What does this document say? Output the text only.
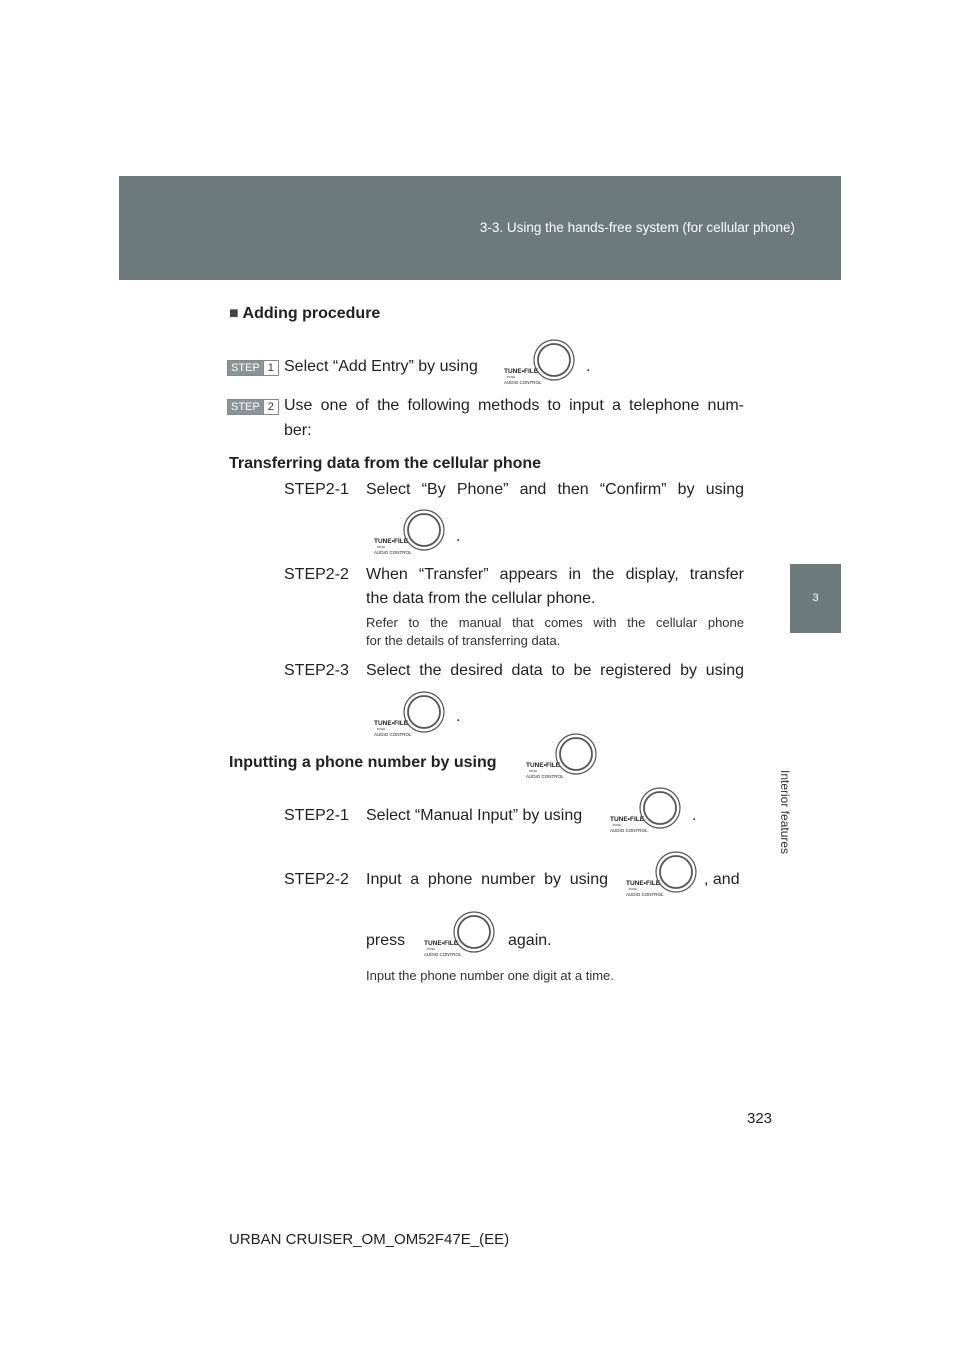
3-3. Using the hands-free system (for cellular phone)
3
Interior features
■ Adding procedure
STEP 1 Select “Add Entry” by using	TUNE•FILE
PUSH
AUDIO CONTROL
.
STEP 2 Use one of the following methods to input a telephone num-
ber:
Transferring data from the cellular phone
STEP2-1 Select “By Phone” and then “Confirm” by using
TUNE•FILE
PUSH
AUDIO CONTROL
.
STEP2-2 When “Transfer” appears in the display, transfer
the data from the cellular phone.
Refer to the manual that comes with the cellular phone
for the details of transferring data.
STEP2-3 Select the desired data to be registered by using
TUNE•FILE
PUSH
AUDIO CONTROL
.
Inputting a phone number by using	TUNE•FILE
PUSH
AUDIO CONTROL
STEP2-1 Select “Manual Input” by using	TUNE•FILE
PUSH
AUDIO CONTROL
.
STEP2-2 Input a phone number by using	TUNE•FILE
PUSH
AUDIO CONTROL
, and
press	TUNE•FILE
PUSH
AUDIO CONTROL
again.
Input the phone number one digit at a time.
323
URBAN CRUISER_OM_OM52F47E_(EE)
